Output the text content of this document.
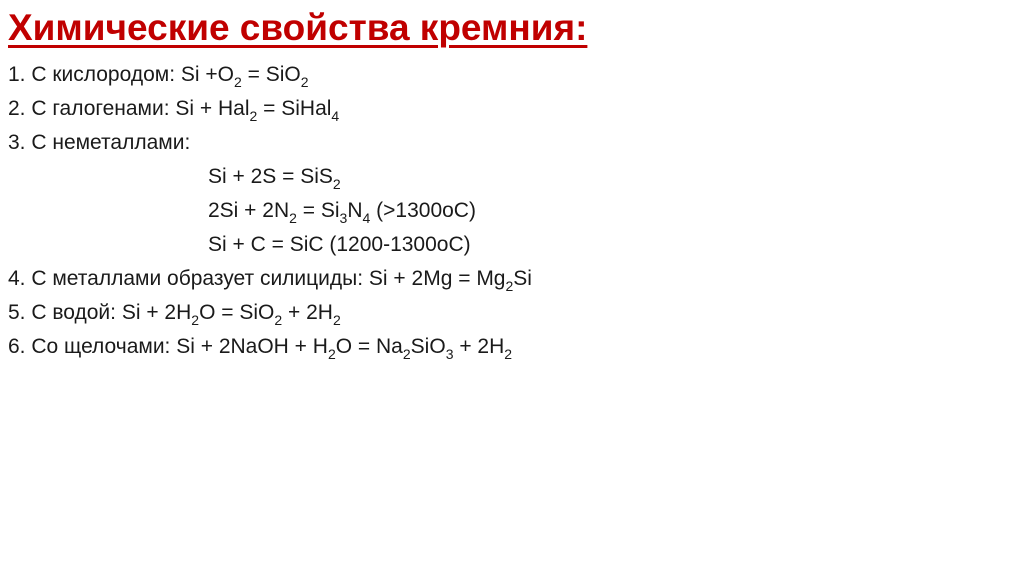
Химические свойства кремния:
1. С кислородом: $Si +O_2 = SiO_2$
2. С галогенами: Si + Hal$_2$ = SiHal$_4$
3. С неметаллами:
Si + 2S = SiS$_2$
$2Si + 2N_2 = Si_3N_4$ (>1300oC)
Si + C = SiC (1200-1300oC)
4. С металлами образует силициды: $Si + 2Mg = Mg_2Si$
5. С водой: $Si + 2H_2O = SiO_2 + 2H_2$
6. Со щелочами: Si + 2NaOH + $H_2O = Na_2SiO_3 + 2H_2$
